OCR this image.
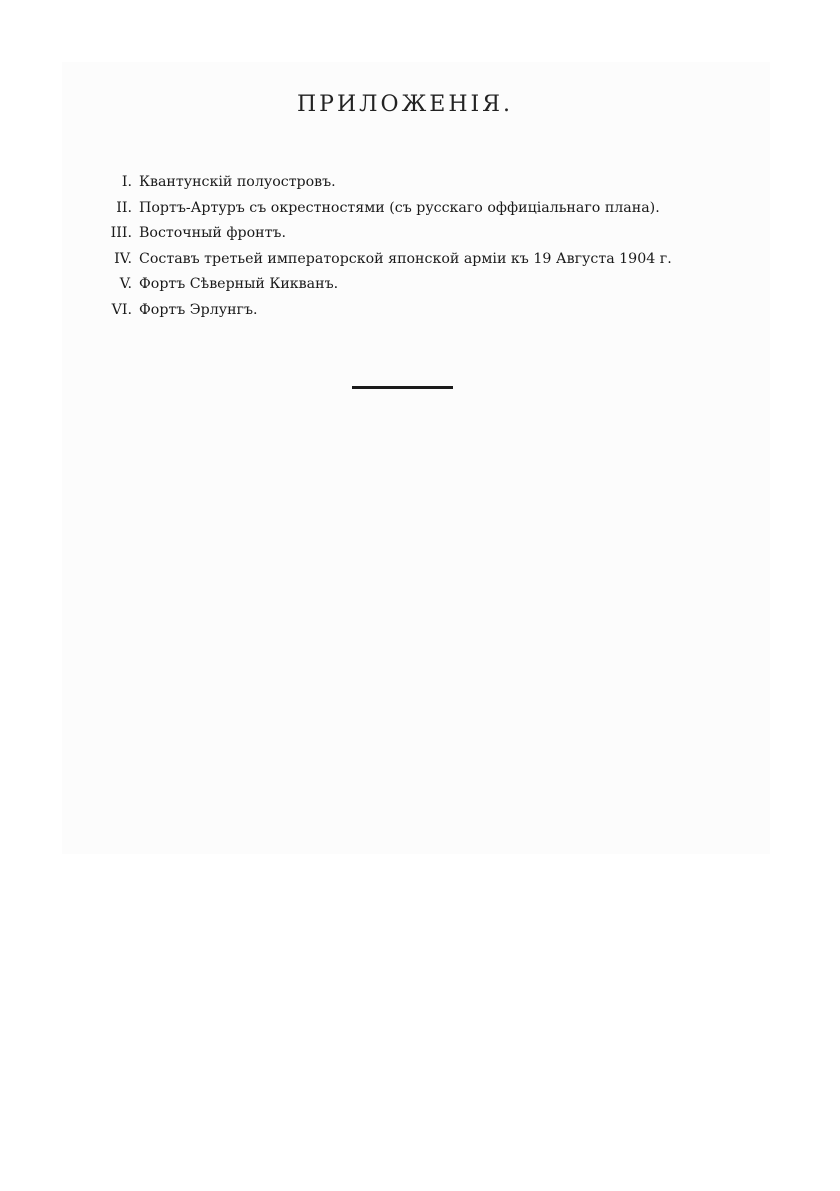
ПРИЛОЖЕНІЯ.
I. Квантунскій полуостровъ.
II. Портъ-Артуръ съ окрестностями (съ русскаго оффиціальнаго плана).
III. Восточный фронтъ.
IV. Составъ третьей императорской японской арміи къ 19 Августа 1904 г.
V. Фортъ Сѣверный Кикванъ.
VI. Фортъ Эрлунгъ.
